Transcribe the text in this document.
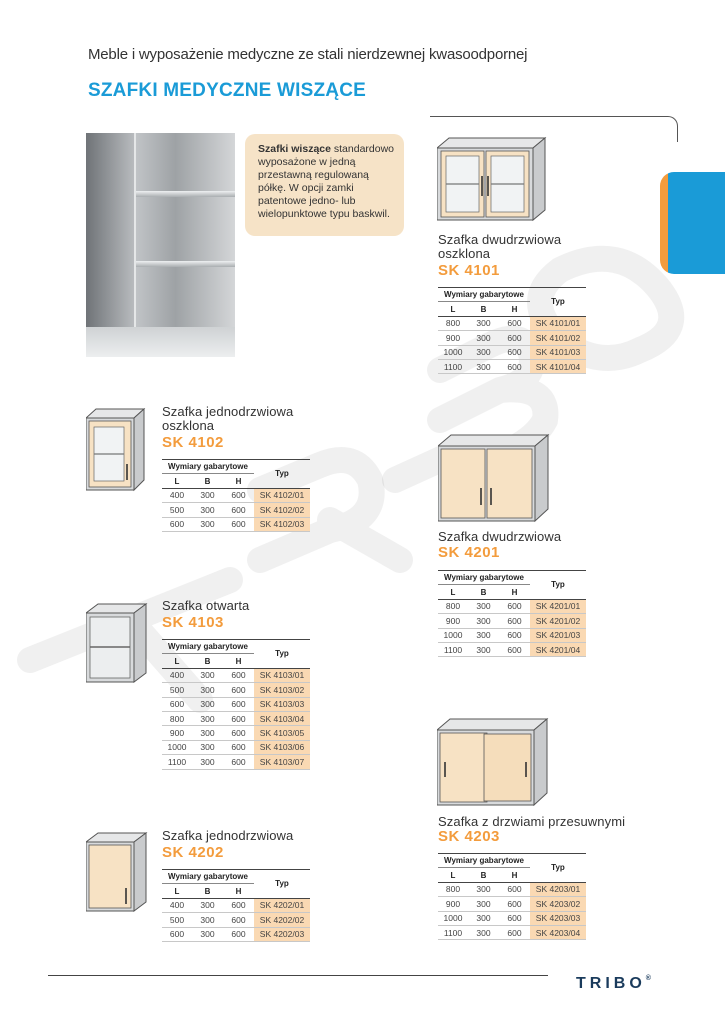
Meble i wyposażenie medyczne ze stali nierdzewnej kwasoodpornej
SZAFKI MEDYCZNE WISZĄCE
Szafki wiszące standardowo wyposażone w jedną przestawną regulowaną półkę. W opcji zamki patentowe jedno- lub wielopunktowe typu baskwil.
Szafka dwudrzwiowa
oszklona
SK 4101
Wymiary gabarytowe			Typ
L	B	H	
800	300	600	SK 4101/01
900	300	600	SK 4101/02
1000	300	600	SK 4101/03
1100	300	600	SK 4101/04
Szafka jednodrzwiowa
oszklona
SK 4102
Wymiary gabarytowe			Typ
L	B	H	
400	300	600	SK 4102/01
500	300	600	SK 4102/02
600	300	600	SK 4102/03
Szafka dwudrzwiowa
SK 4201
Wymiary gabarytowe			Typ
L	B	H	
800	300	600	SK 4201/01
900	300	600	SK 4201/02
1000	300	600	SK 4201/03
1100	300	600	SK 4201/04
Szafka otwarta
SK 4103
Wymiary gabarytowe			Typ
L	B	H	
400	300	600	SK 4103/01
500	300	600	SK 4103/02
600	300	600	SK 4103/03
800	300	600	SK 4103/04
900	300	600	SK 4103/05
1000	300	600	SK 4103/06
1100	300	600	SK 4103/07
Szafka z drzwiami przesuwnymi
SK 4203
Wymiary gabarytowe			Typ
L	B	H	
800	300	600	SK 4203/01
900	300	600	SK 4203/02
1000	300	600	SK 4203/03
1100	300	600	SK 4203/04
Szafka jednodrzwiowa
SK 4202
Wymiary gabarytowe			Typ
L	B	H	
400	300	600	SK 4202/01
500	300	600	SK 4202/02
600	300	600	SK 4202/03
TRIBO®
